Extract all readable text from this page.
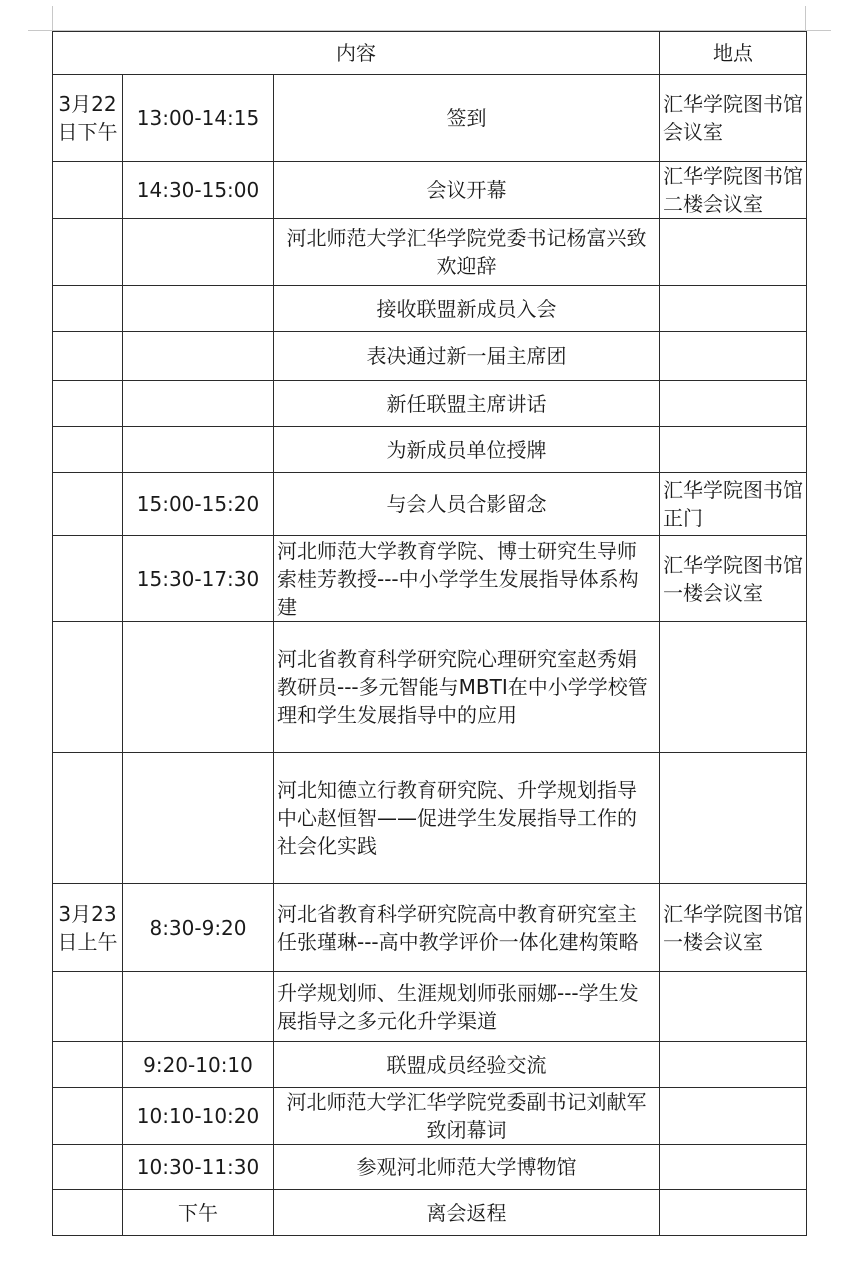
内容			地点
3月22日下午	13:00-14:15	签到	汇华学院图书馆会议室
	14:30-15:00	会议开幕	汇华学院图书馆二楼会议室
		河北师范大学汇华学院党委书记杨富兴致欢迎辞	
		接收联盟新成员入会	
		表决通过新一届主席团	
		新任联盟主席讲话	
		为新成员单位授牌	
	15:00-15:20	与会人员合影留念	汇华学院图书馆正门
	15:30-17:30	河北师范大学教育学院、博士研究生导师索桂芳教授---中小学学生发展指导体系构建	汇华学院图书馆一楼会议室
		河北省教育科学研究院心理研究室赵秀娟教研员---多元智能与MBTI在中小学学校管理和学生发展指导中的应用	
		河北知德立行教育研究院、升学规划指导中心赵恒智——促进学生发展指导工作的社会化实践	
3月23日上午	8:30-9:20	河北省教育科学研究院高中教育研究室主任张瑾琳---高中教学评价一体化建构策略	汇华学院图书馆一楼会议室
		升学规划师、生涯规划师张丽娜---学生发展指导之多元化升学渠道	
	9:20-10:10	联盟成员经验交流	
	10:10-10:20	河北师范大学汇华学院党委副书记刘献军致闭幕词	
	10:30-11:30	参观河北师范大学博物馆	
	下午	离会返程	
